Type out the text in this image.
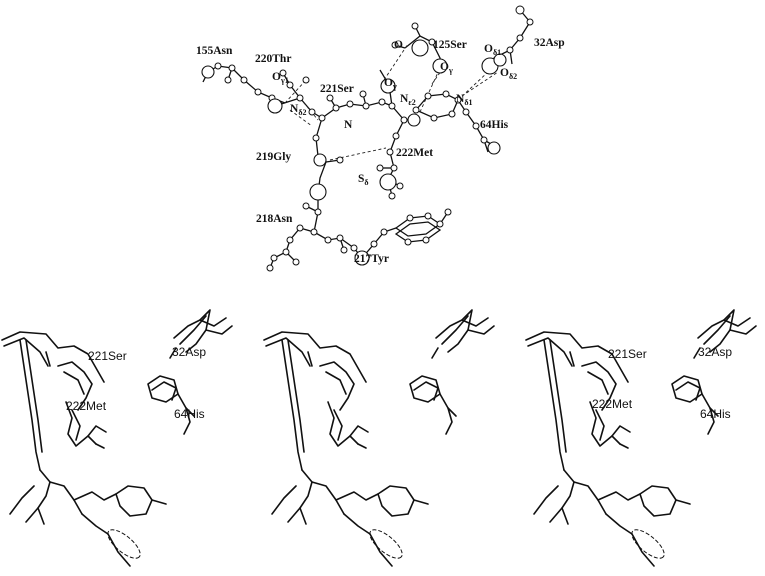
155Asn
220Thr
125Ser	32Asp
221Ser
64His
219Gly	222Met
218Asn
217Tyr
$O_{\gamma 1}$
O
$O_\gamma$
$O_{\delta 1}$
$O_{\delta 2}$
$O_\gamma$
$N_{\varepsilon 2}$	$N_{\delta 1}$
$N_{\delta 2}$
N
$S_\delta$
221Ser	32Asp
222Met
64His
221Ser	32Asp
222Met
64His
